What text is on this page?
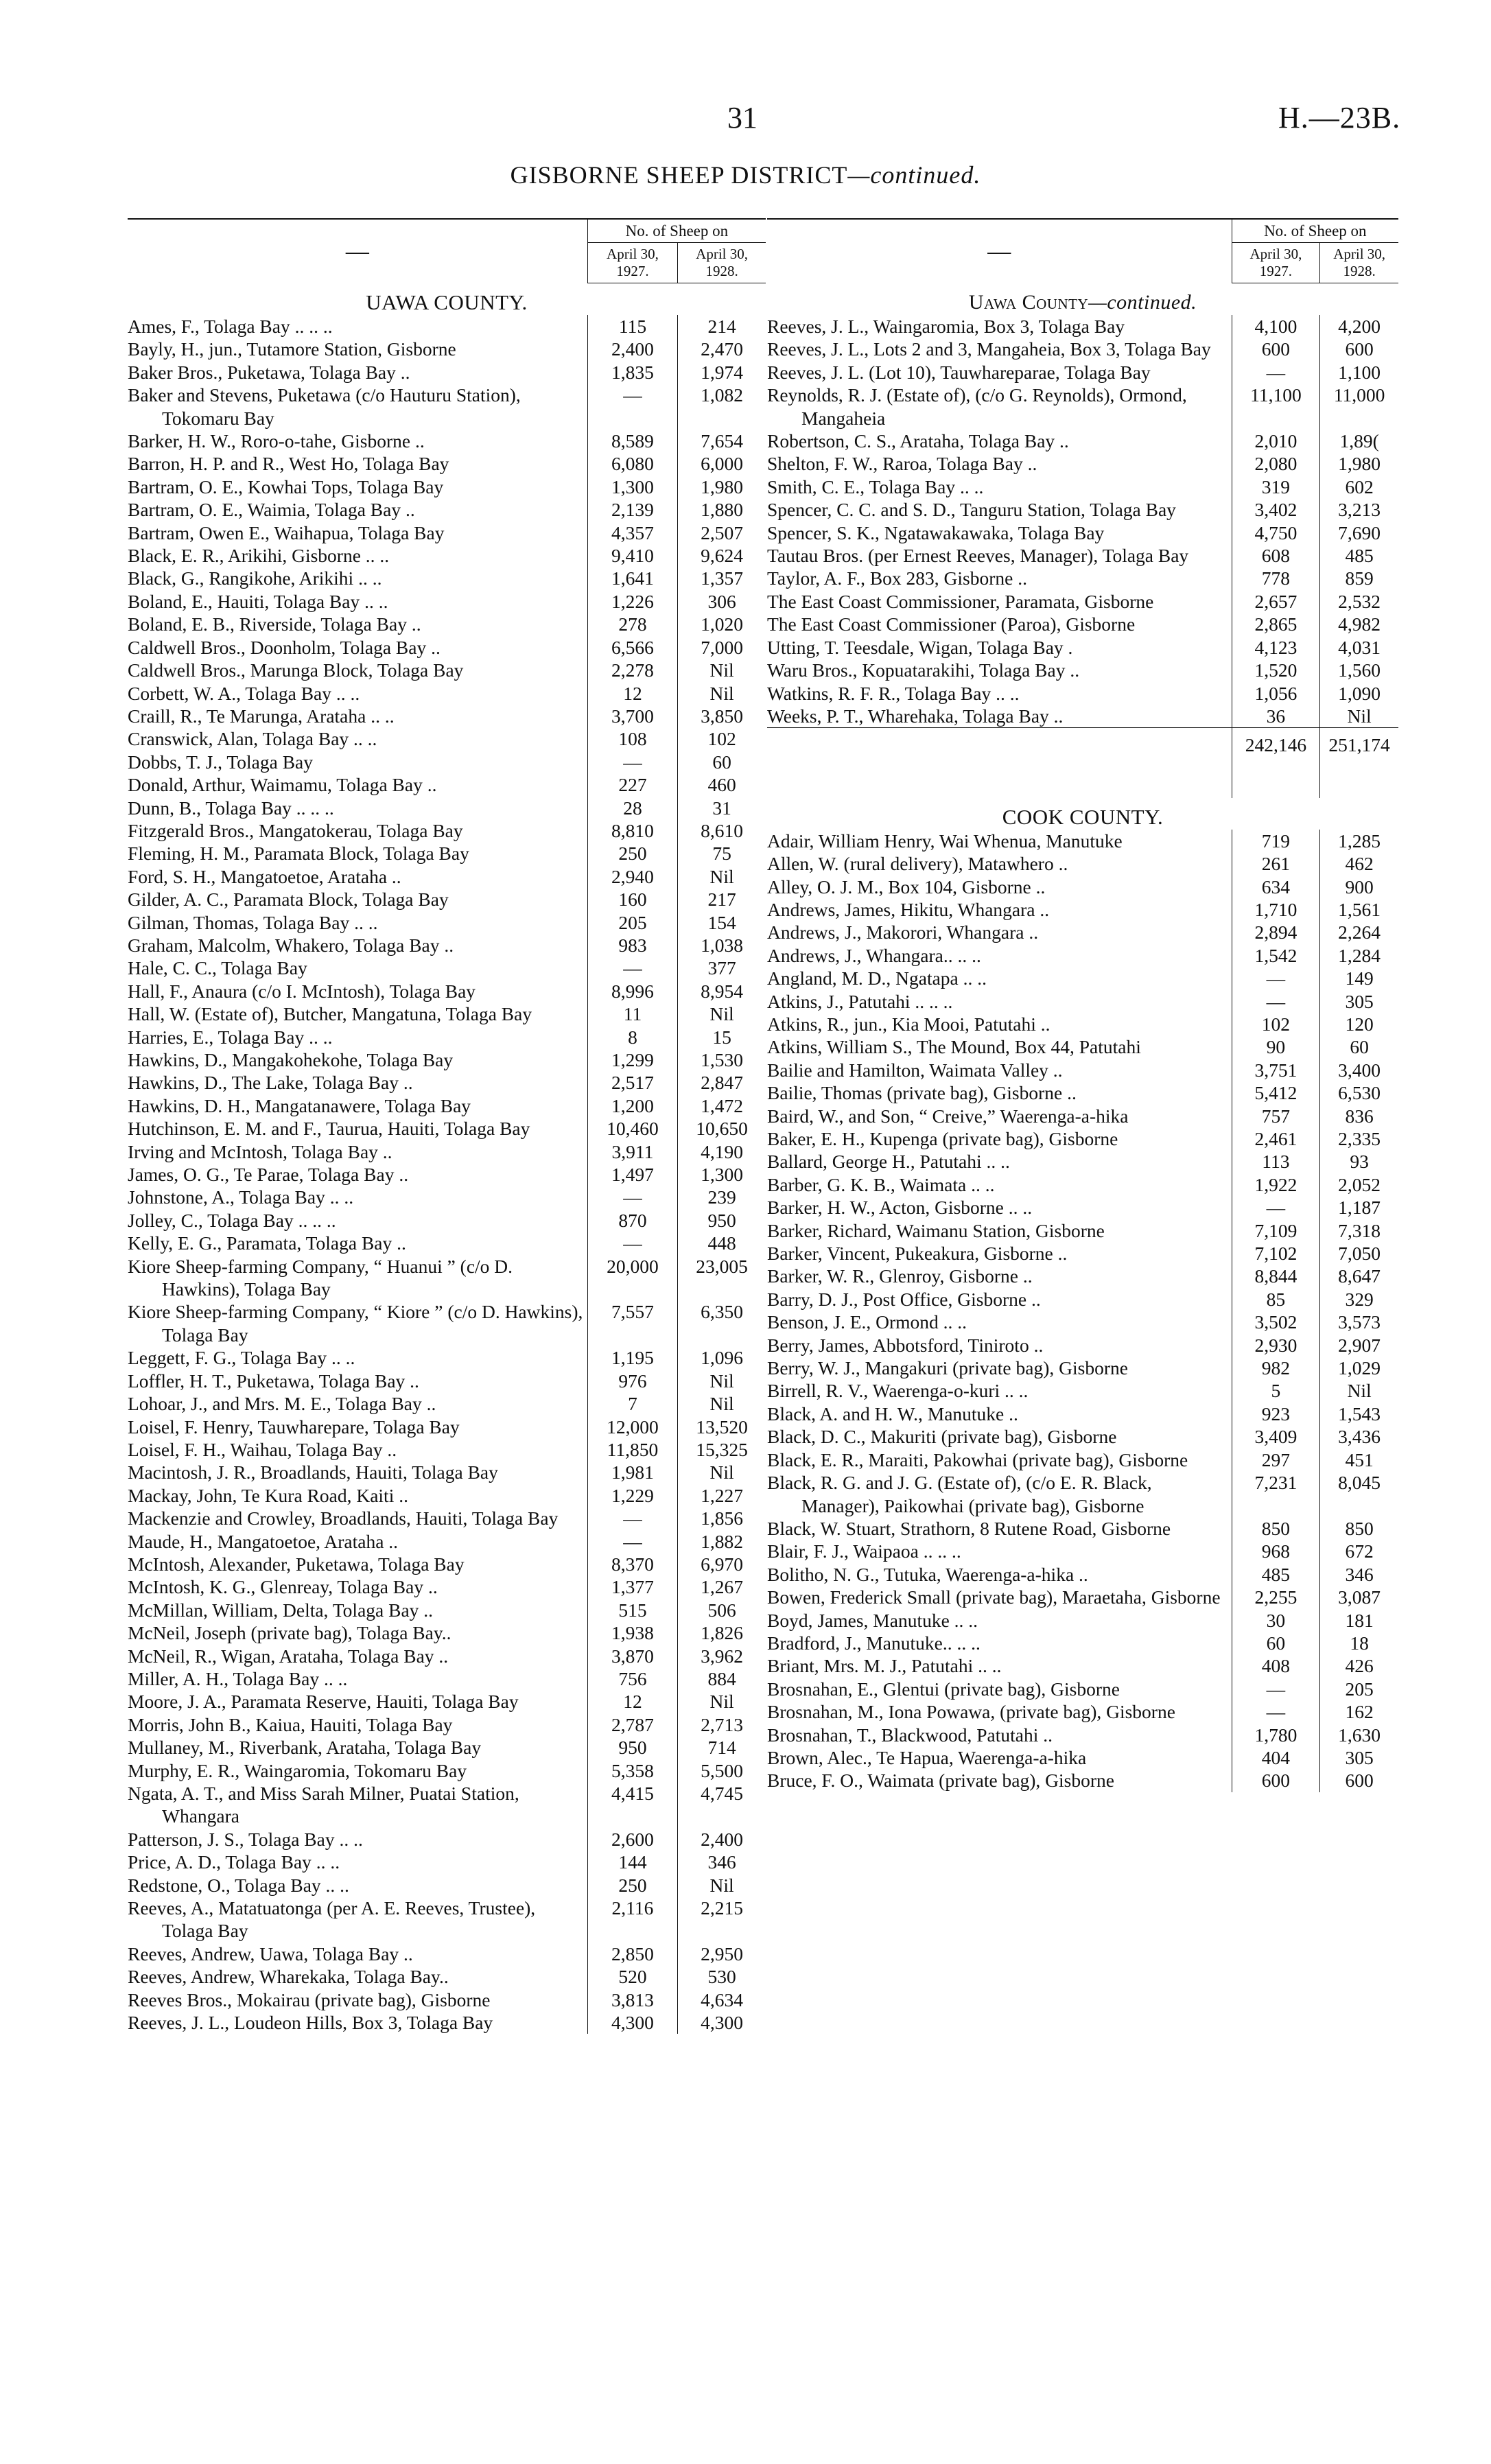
31	H.—23B.
GISBORNE SHEEP DISTRICT—continued.
—	No. of Sheep on	
	April 30, 1927.	April 30, 1928.
UAWA COUNTY.		
Ames, F., Tolaga Bay .. .. ..	115	214
Bayly, H., jun., Tutamore Station, Gisborne	2,400	2,470
Baker Bros., Puketawa, Tolaga Bay ..	1,835	1,974
Baker and Stevens, Puketawa (c/o Hauturu Station), Tokomaru Bay	—	1,082
Barker, H. W., Roro-o-tahe, Gisborne ..	8,589	7,654
Barron, H. P. and R., West Ho, Tolaga Bay	6,080	6,000
Bartram, O. E., Kowhai Tops, Tolaga Bay	1,300	1,980
Bartram, O. E., Waimia, Tolaga Bay ..	2,139	1,880
Bartram, Owen E., Waihapua, Tolaga Bay	4,357	2,507
Black, E. R., Arikihi, Gisborne .. ..	9,410	9,624
Black, G., Rangikohe, Arikihi .. ..	1,641	1,357
Boland, E., Hauiti, Tolaga Bay .. ..	1,226	306
Boland, E. B., Riverside, Tolaga Bay ..	278	1,020
Caldwell Bros., Doonholm, Tolaga Bay ..	6,566	7,000
Caldwell Bros., Marunga Block, Tolaga Bay	2,278	Nil
Corbett, W. A., Tolaga Bay .. ..	12	Nil
Craill, R., Te Marunga, Arataha .. ..	3,700	3,850
Cranswick, Alan, Tolaga Bay .. ..	108	102
Dobbs, T. J., Tolaga Bay	—	60
Donald, Arthur, Waimamu, Tolaga Bay ..	227	460
Dunn, B., Tolaga Bay .. .. ..	28	31
Fitzgerald Bros., Mangatokerau, Tolaga Bay	8,810	8,610
Fleming, H. M., Paramata Block, Tolaga Bay	250	75
Ford, S. H., Mangatoetoe, Arataha ..	2,940	Nil
Gilder, A. C., Paramata Block, Tolaga Bay	160	217
Gilman, Thomas, Tolaga Bay .. ..	205	154
Graham, Malcolm, Whakero, Tolaga Bay ..	983	1,038
Hale, C. C., Tolaga Bay	—	377
Hall, F., Anaura (c/o I. McIntosh), Tolaga Bay	8,996	8,954
Hall, W. (Estate of), Butcher, Mangatuna, Tolaga Bay	11	Nil
Harries, E., Tolaga Bay .. ..	8	15
Hawkins, D., Mangakohekohe, Tolaga Bay	1,299	1,530
Hawkins, D., The Lake, Tolaga Bay ..	2,517	2,847
Hawkins, D. H., Mangatanawere, Tolaga Bay	1,200	1,472
Hutchinson, E. M. and F., Taurua, Hauiti, Tolaga Bay	10,460	10,650
Irving and McIntosh, Tolaga Bay ..	3,911	4,190
James, O. G., Te Parae, Tolaga Bay ..	1,497	1,300
Johnstone, A., Tolaga Bay .. ..	—	239
Jolley, C., Tolaga Bay .. .. ..	870	950
Kelly, E. G., Paramata, Tolaga Bay ..	—	448
Kiore Sheep-farming Company, “ Huanui ” (c/o D. Hawkins), Tolaga Bay	20,000	23,005
Kiore Sheep-farming Company, “ Kiore ” (c/o D. Hawkins), Tolaga Bay	7,557	6,350
Leggett, F. G., Tolaga Bay .. ..	1,195	1,096
Loffler, H. T., Puketawa, Tolaga Bay ..	976	Nil
Lohoar, J., and Mrs. M. E., Tolaga Bay ..	7	Nil
Loisel, F. Henry, Tauwharepare, Tolaga Bay	12,000	13,520
Loisel, F. H., Waihau, Tolaga Bay ..	11,850	15,325
Macintosh, J. R., Broadlands, Hauiti, Tolaga Bay	1,981	Nil
Mackay, John, Te Kura Road, Kaiti ..	1,229	1,227
Mackenzie and Crowley, Broadlands, Hauiti, Tolaga Bay	—	1,856
Maude, H., Mangatoetoe, Arataha ..	—	1,882
McIntosh, Alexander, Puketawa, Tolaga Bay	8,370	6,970
McIntosh, K. G., Glenreay, Tolaga Bay ..	1,377	1,267
McMillan, William, Delta, Tolaga Bay ..	515	506
McNeil, Joseph (private bag), Tolaga Bay..	1,938	1,826
McNeil, R., Wigan, Arataha, Tolaga Bay ..	3,870	3,962
Miller, A. H., Tolaga Bay .. ..	756	884
Moore, J. A., Paramata Reserve, Hauiti, Tolaga Bay	12	Nil
Morris, John B., Kaiua, Hauiti, Tolaga Bay	2,787	2,713
Mullaney, M., Riverbank, Arataha, Tolaga Bay	950	714
Murphy, E. R., Waingaromia, Tokomaru Bay	5,358	5,500
Ngata, A. T., and Miss Sarah Milner, Puatai Station, Whangara	4,415	4,745
Patterson, J. S., Tolaga Bay .. ..	2,600	2,400
Price, A. D., Tolaga Bay .. ..	144	346
Redstone, O., Tolaga Bay .. ..	250	Nil
Reeves, A., Matatuatonga (per A. E. Reeves, Trustee), Tolaga Bay	2,116	2,215
Reeves, Andrew, Uawa, Tolaga Bay ..	2,850	2,950
Reeves, Andrew, Wharekaka, Tolaga Bay..	520	530
Reeves Bros., Mokairau (private bag), Gisborne	3,813	4,634
Reeves, J. L., Loudeon Hills, Box 3, Tolaga Bay	4,300	4,300
—	No. of Sheep on	
	April 30, 1927.	April 30, 1928.
Uawa County—continued.		
Reeves, J. L., Waingaromia, Box 3, Tolaga Bay	4,100	4,200
Reeves, J. L., Lots 2 and 3, Mangaheia, Box 3, Tolaga Bay	600	600
Reeves, J. L. (Lot 10), Tauwhareparae, Tolaga Bay	—	1,100
Reynolds, R. J. (Estate of), (c/o G. Reynolds), Ormond, Mangaheia	11,100	11,000
Robertson, C. S., Arataha, Tolaga Bay ..	2,010	1,89(
Shelton, F. W., Raroa, Tolaga Bay ..	2,080	1,980
Smith, C. E., Tolaga Bay .. ..	319	602
Spencer, C. C. and S. D., Tanguru Station, Tolaga Bay	3,402	3,213
Spencer, S. K., Ngatawakawaka, Tolaga Bay	4,750	7,690
Tautau Bros. (per Ernest Reeves, Manager), Tolaga Bay	608	485
Taylor, A. F., Box 283, Gisborne ..	778	859
The East Coast Commissioner, Paramata, Gisborne	2,657	2,532
The East Coast Commissioner (Paroa), Gisborne	2,865	4,982
Utting, T. Teesdale, Wigan, Tolaga Bay .	4,123	4,031
Waru Bros., Kopuatarakihi, Tolaga Bay ..	1,520	1,560
Watkins, R. F. R., Tolaga Bay .. ..	1,056	1,090
Weeks, P. T., Wharehaka, Tolaga Bay ..	36	Nil
	242,146	251,174

COOK COUNTY.		
Adair, William Henry, Wai Whenua, Manutuke	719	1,285
Allen, W. (rural delivery), Matawhero ..	261	462
Alley, O. J. M., Box 104, Gisborne ..	634	900
Andrews, James, Hikitu, Whangara ..	1,710	1,561
Andrews, J., Makorori, Whangara ..	2,894	2,264
Andrews, J., Whangara.. .. ..	1,542	1,284
Angland, M. D., Ngatapa .. ..	—	149
Atkins, J., Patutahi .. .. ..	—	305
Atkins, R., jun., Kia Mooi, Patutahi ..	102	120
Atkins, William S., The Mound, Box 44, Patutahi	90	60
Bailie and Hamilton, Waimata Valley ..	3,751	3,400
Bailie, Thomas (private bag), Gisborne ..	5,412	6,530
Baird, W., and Son, “ Creive,” Waerenga-a-hika	757	836
Baker, E. H., Kupenga (private bag), Gisborne	2,461	2,335
Ballard, George H., Patutahi .. ..	113	93
Barber, G. K. B., Waimata .. ..	1,922	2,052
Barker, H. W., Acton, Gisborne .. ..	—	1,187
Barker, Richard, Waimanu Station, Gisborne	7,109	7,318
Barker, Vincent, Pukeakura, Gisborne ..	7,102	7,050
Barker, W. R., Glenroy, Gisborne ..	8,844	8,647
Barry, D. J., Post Office, Gisborne ..	85	329
Benson, J. E., Ormond .. ..	3,502	3,573
Berry, James, Abbotsford, Tiniroto ..	2,930	2,907
Berry, W. J., Mangakuri (private bag), Gisborne	982	1,029
Birrell, R. V., Waerenga-o-kuri .. ..	5	Nil
Black, A. and H. W., Manutuke ..	923	1,543
Black, D. C., Makuriti (private bag), Gisborne	3,409	3,436
Black, E. R., Maraiti, Pakowhai (private bag), Gisborne	297	451
Black, R. G. and J. G. (Estate of), (c/o E. R. Black, Manager), Paikowhai (private bag), Gisborne	7,231	8,045
Black, W. Stuart, Strathorn, 8 Rutene Road, Gisborne	850	850
Blair, F. J., Waipaoa .. .. ..	968	672
Bolitho, N. G., Tutuka, Waerenga-a-hika ..	485	346
Bowen, Frederick Small (private bag), Maraetaha, Gisborne	2,255	3,087
Boyd, James, Manutuke .. ..	30	181
Bradford, J., Manutuke.. .. ..	60	18
Briant, Mrs. M. J., Patutahi .. ..	408	426
Brosnahan, E., Glentui (private bag), Gisborne	—	205
Brosnahan, M., Iona Powawa, (private bag), Gisborne	—	162
Brosnahan, T., Blackwood, Patutahi ..	1,780	1,630
Brown, Alec., Te Hapua, Waerenga-a-hika	404	305
Bruce, F. O., Waimata (private bag), Gisborne	600	600
